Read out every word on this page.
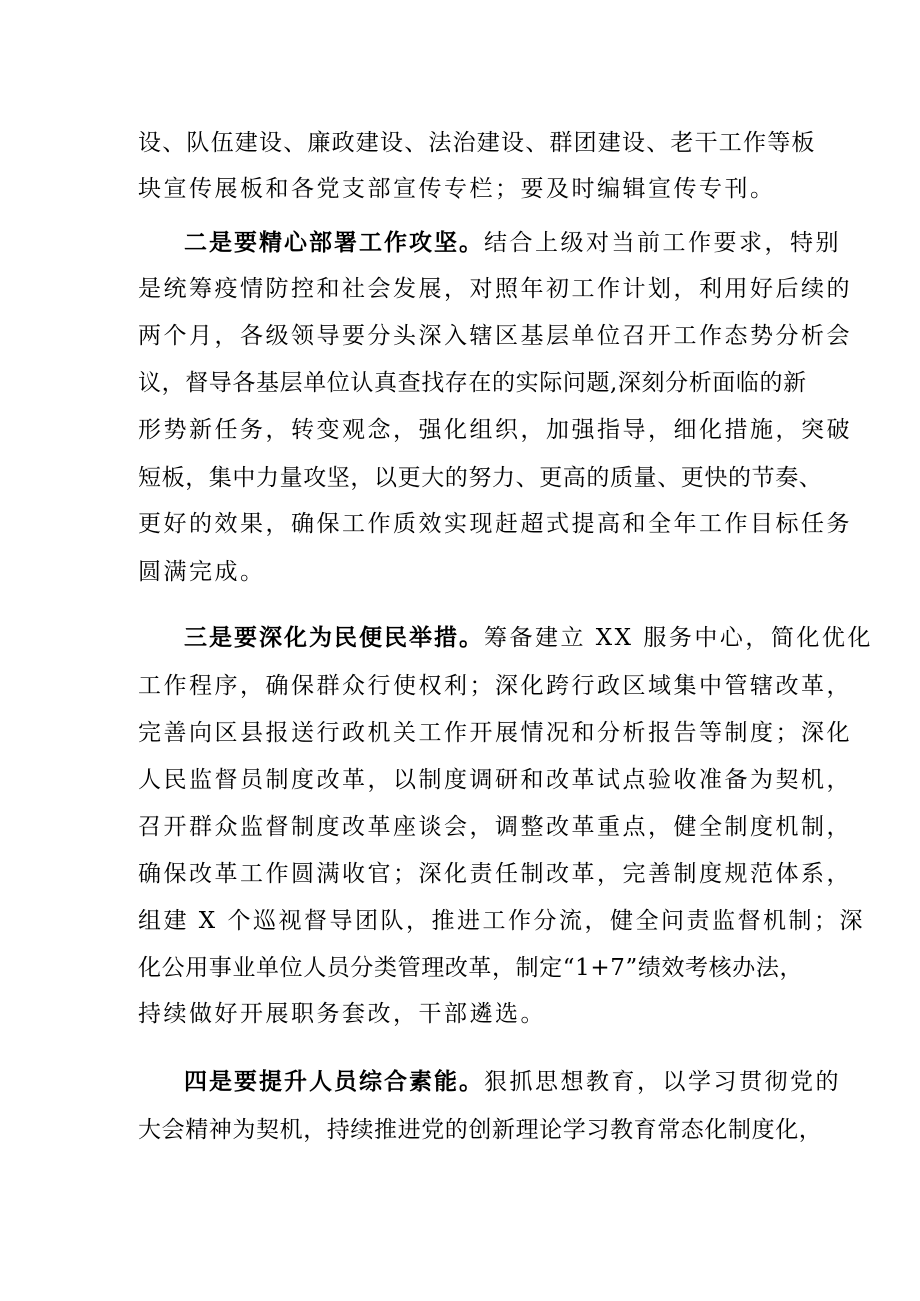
设、队伍建设、廉政建设、法治建设、群团建设、老干工作等板
块宣传展板和各党支部宣传专栏；要及时编辑宣传专刊。
二是要精心部署工作攻坚。结合上级对当前工作要求，特别
是统筹疫情防控和社会发展，对照年初工作计划，利用好后续的
两个月，各级领导要分头深入辖区基层单位召开工作态势分析会
议，督导各基层单位认真查找存在的实际问题,深刻分析面临的新
形势新任务，转变观念，强化组织，加强指导，细化措施，突破
短板，集中力量攻坚，以更大的努力、更高的质量、更快的节奏、
更好的效果，确保工作质效实现赶超式提高和全年工作目标任务
圆满完成。
三是要深化为民便民举措。筹备建立 XX 服务中心，简化优化
工作程序，确保群众行使权利；深化跨行政区域集中管辖改革，
完善向区县报送行政机关工作开展情况和分析报告等制度；深化
人民监督员制度改革，以制度调研和改革试点验收准备为契机，
召开群众监督制度改革座谈会，调整改革重点，健全制度机制，
确保改革工作圆满收官；深化责任制改革，完善制度规范体系，
组建 X 个巡视督导团队，推进工作分流，健全问责监督机制；深
化公用事业单位人员分类管理改革，制定“1+7”绩效考核办法，
持续做好开展职务套改，干部遴选。
四是要提升人员综合素能。狠抓思想教育，以学习贯彻党的
大会精神为契机，持续推进党的创新理论学习教育常态化制度化，
